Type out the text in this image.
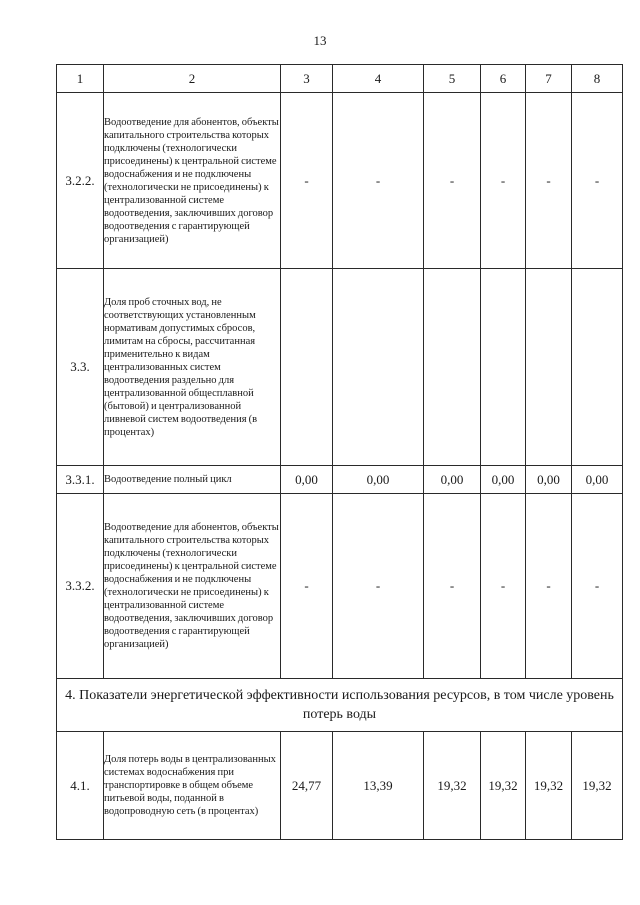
13
1	2	3	4	5	6	7	8
3.2.2.	Водоотведение для абонентов, объекты капитального строительства которых подключены (технологически присоединены) к центральной системе водоснабжения и не подключены (технологически не присоединены) к централизованной системе водоотведения, заключивших договор водоотведения с гарантирующей организацией)	-	-	-	-	-	-
3.3.	Доля проб сточных вод, не соответствующих установленным нормативам допустимых сбросов, лимитам на сбросы, рассчитанная применительно к видам централизованных систем водоотведения раздельно для централизованной общесплавной (бытовой) и централизованной ливневой систем водоотведения (в процентах)						
3.3.1.	Водоотведение полный цикл	0,00	0,00	0,00	0,00	0,00	0,00
3.3.2.	Водоотведение для абонентов, объекты капитального строительства которых подключены (технологически присоединены) к центральной системе водоснабжения и не подключены (технологически не присоединены) к централизованной системе водоотведения, заключивших договор водоотведения с гарантирующей организацией)	-	-	-	-	-	-
4. Показатели энергетической эффективности использования ресурсов, в том числе уровень потерь воды							
4.1.	Доля потерь воды в централизованных системах водоснабжения при транспортировке в общем объеме питьевой воды, поданной в водопроводную сеть (в процентах)	24,77	13,39	19,32	19,32	19,32	19,32
